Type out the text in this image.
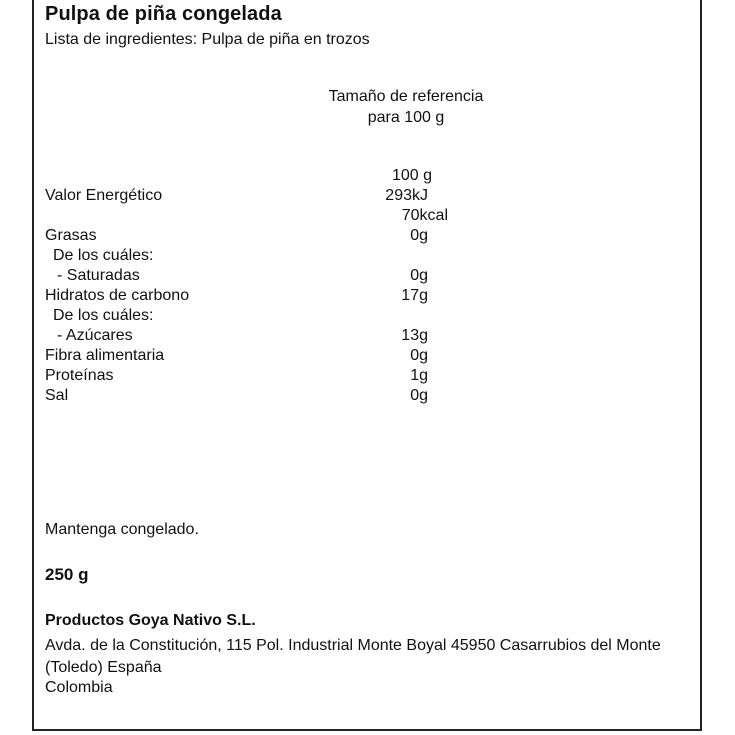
Pulpa de piña congelada
Lista de ingredientes: Pulpa de piña en trozos
Tamaño de referencia
para 100 g
100 g
Valor Energético	293kJ
70kcal
Grasas	0g
De los cuáles:
- Saturadas	0g
Hidratos de carbono	17g
De los cuáles:
- Azúcares	13g
Fibra alimentaria	0g
Proteínas	1g
Sal	0g
Mantenga congelado.
250 g
Productos Goya Nativo S.L.
Avda. de la Constitución, 115 Pol. Industrial Monte Boyal 45950 Casarrubios del Monte (Toledo) España
Colombia
